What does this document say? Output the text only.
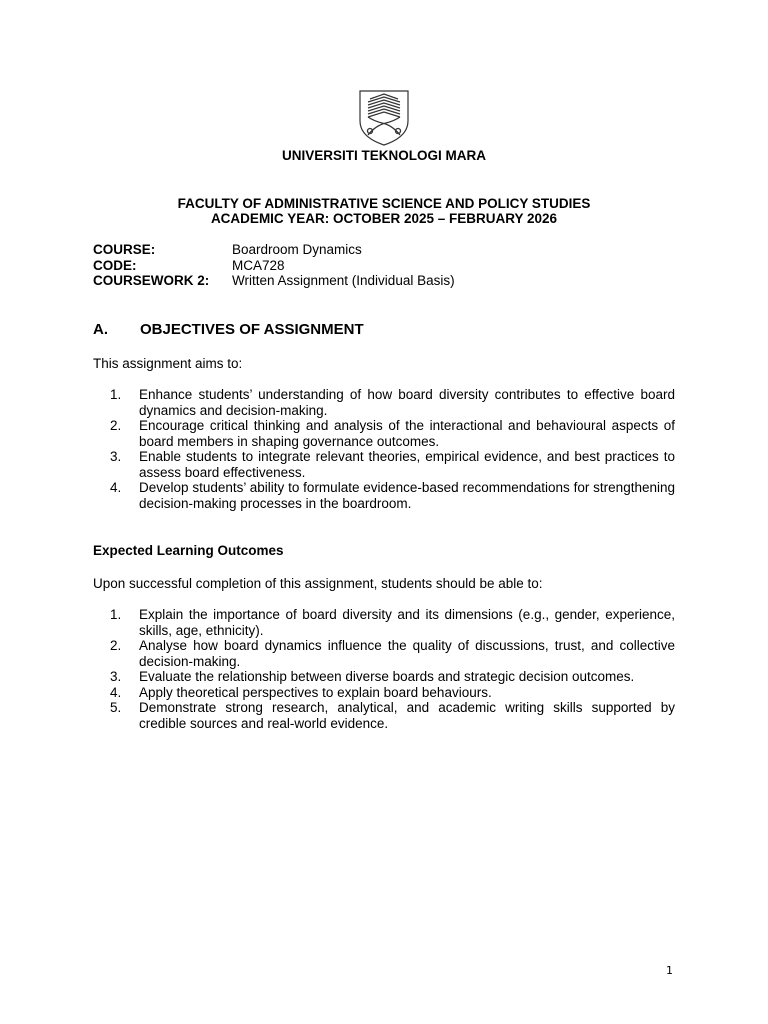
UNIVERSITI TEKNOLOGI MARA
FACULTY OF ADMINISTRATIVE SCIENCE AND POLICY STUDIES
ACADEMIC YEAR: OCTOBER 2025 – FEBRUARY 2026
COURSE:	Boardroom Dynamics
CODE:	MCA728
COURSEWORK 2:	Written Assignment (Individual Basis)
A.	OBJECTIVES OF ASSIGNMENT
This assignment aims to:
1.	Enhance students’ understanding of how board diversity contributes to effective board dynamics and decision-making.
2.	Encourage critical thinking and analysis of the interactional and behavioural aspects of board members in shaping governance outcomes.
3.	Enable students to integrate relevant theories, empirical evidence, and best practices to assess board effectiveness.
4.	Develop students’ ability to formulate evidence-based recommendations for strengthening decision-making processes in the boardroom.
Expected Learning Outcomes
Upon successful completion of this assignment, students should be able to:
1.	Explain the importance of board diversity and its dimensions (e.g., gender, experience, skills, age, ethnicity).
2.	Analyse how board dynamics influence the quality of discussions, trust, and collective decision-making.
3.	Evaluate the relationship between diverse boards and strategic decision outcomes.
4.	Apply theoretical perspectives to explain board behaviours.
5.	Demonstrate strong research, analytical, and academic writing skills supported by credible sources and real-world evidence.
1
